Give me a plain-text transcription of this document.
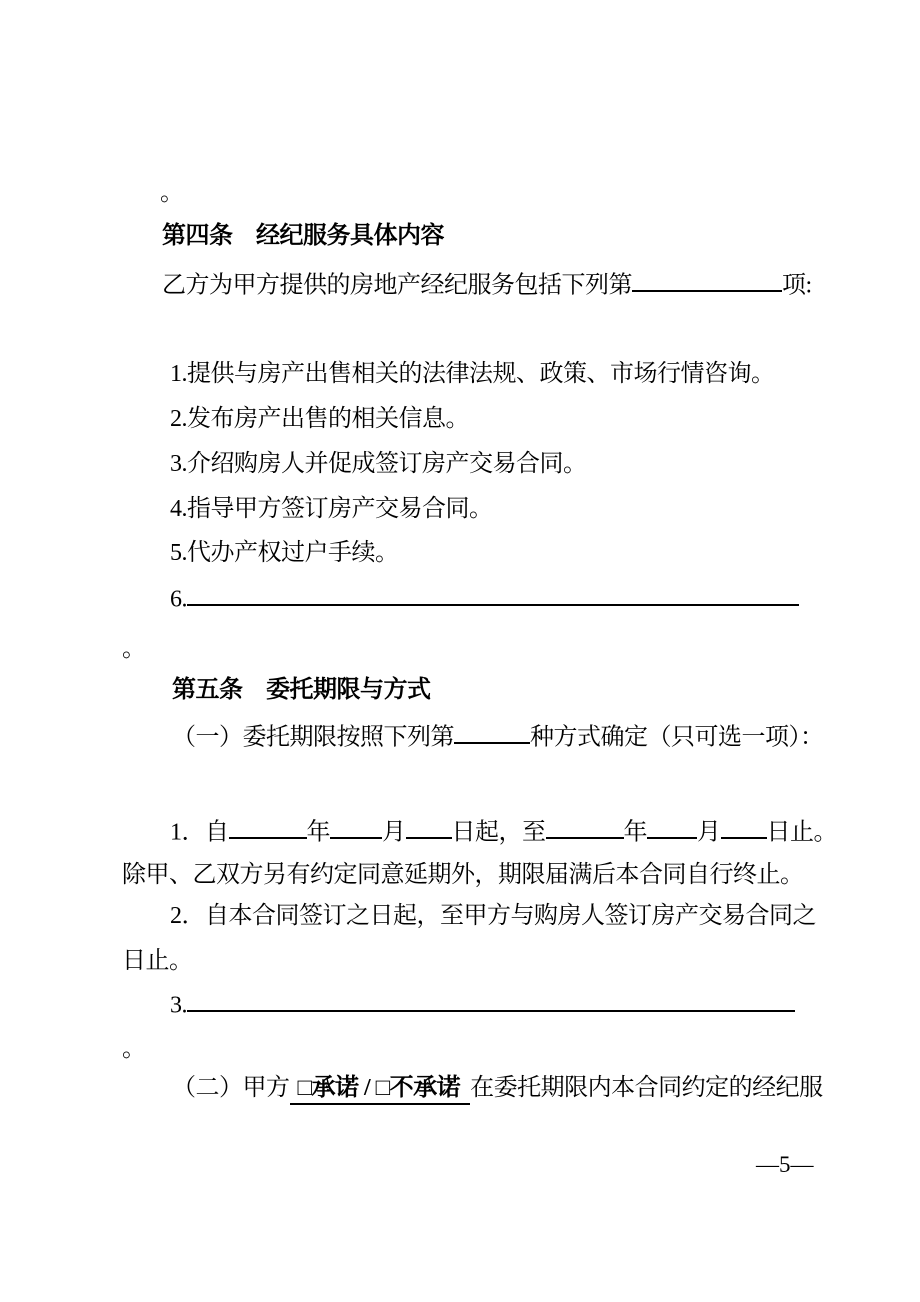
。
第四条　经纪服务具体内容
乙方为甲方提供的房地产经纪服务包括下列第	项:
1.提供与房产出售相关的法律法规、政策、市场行情咨询。
2.发布房产出售的相关信息。
3.介绍购房人并促成签订房产交易合同。
4.指导甲方签订房产交易合同。
5.代办产权过户手续。
6.
。
第五条　委托期限与方式
（一）委托期限按照下列第	种方式确定（只可选一项）：
1．自	年 月 日起，至	年 月 日止。
除甲、乙双方另有约定同意延期外，期限届满后本合同自行终止。
2．自本合同签订之日起，至甲方与购房人签订房产交易合同之
日止。
3.
。
（二）甲方 □承诺 / □不承诺 在委托期限内本合同约定的经纪服
—5—
